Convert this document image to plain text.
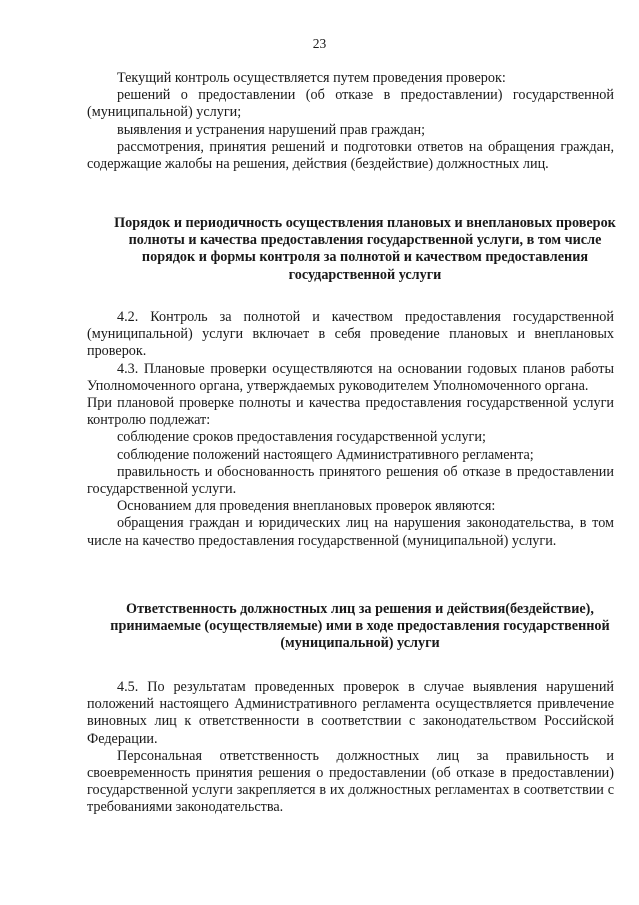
23

Текущий контроль осуществляется путем проведения проверок:

решений о предоставлении (об отказе в предоставлении) государственной (муниципальной) услуги;

выявления и устранения нарушений прав граждан;

рассмотрения, принятия решений и подготовки ответов на обращения граждан, содержащие жалобы на решения, действия (бездействие) должностных лиц.

Порядок и периодичность осуществления плановых и внеплановых проверок полноты и качества предоставления государственной услуги, в том числе порядок и формы контроля за полнотой и качеством предоставления государственной услуги

4.2. Контроль за полнотой и качеством предоставления государственной (муниципальной) услуги включает в себя проведение плановых и внеплановых проверок.

4.3. Плановые проверки осуществляются на основании годовых планов работы Уполномоченного органа, утверждаемых руководителем Уполномоченного органа.

При плановой проверке полноты и качества предоставления государственной услуги контролю подлежат:

соблюдение сроков предоставления государственной услуги;

соблюдение положений настоящего Административного регламента;

правильность и обоснованность принятого решения об отказе в предоставлении государственной услуги.

Основанием для проведения внеплановых проверок являются:

обращения граждан и юридических лиц на нарушения законодательства, в том числе на качество предоставления государственной (муниципальной) услуги.

Ответственность должностных лиц за решения и действия(бездействие), принимаемые (осуществляемые) ими в ходе предоставления государственной (муниципальной) услуги

4.5. По результатам проведенных проверок в случае выявления нарушений положений настоящего Административного регламента осуществляется привлечение виновных лиц к ответственности в соответствии с законодательством Российской Федерации.

Персональная ответственность должностных лиц за правильность и своевременность принятия решения о предоставлении (об отказе в предоставлении) государственной услуги закрепляется в их должностных регламентах в соответствии с требованиями законодательства.
